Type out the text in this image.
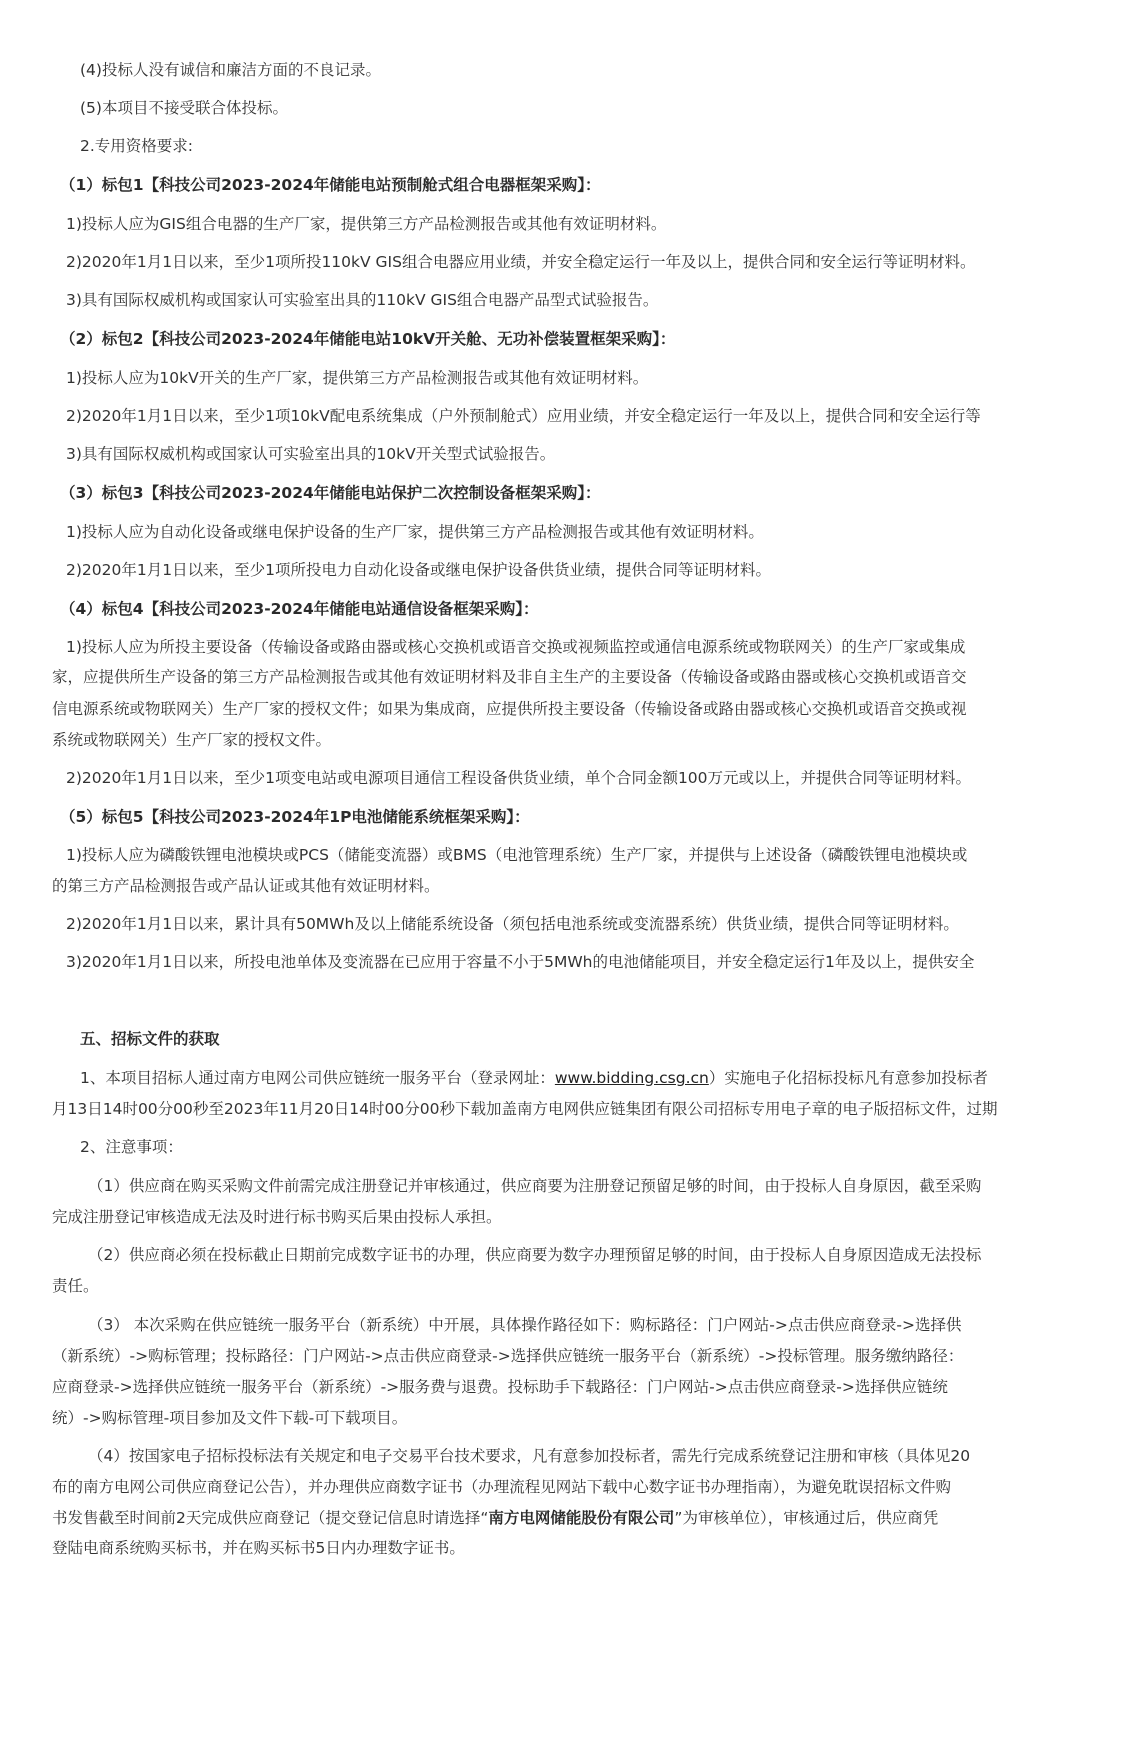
(4)投标人没有诚信和廉洁方面的不良记录。
(5)本项目不接受联合体投标。
2.专用资格要求:
（1）标包1【科技公司2023-2024年储能电站预制舱式组合电器框架采购】：
1)投标人应为GIS组合电器的生产厂家，提供第三方产品检测报告或其他有效证明材料。
2)2020年1月1日以来，至少1项所投110kV GIS组合电器应用业绩，并安全稳定运行一年及以上，提供合同和安全运行等证明材料。
3)具有国际权威机构或国家认可实验室出具的110kV GIS组合电器产品型式试验报告。
（2）标包2【科技公司2023-2024年储能电站10kV开关舱、无功补偿装置框架采购】：
1)投标人应为10kV开关的生产厂家，提供第三方产品检测报告或其他有效证明材料。
2)2020年1月1日以来，至少1项10kV配电系统集成（户外预制舱式）应用业绩，并安全稳定运行一年及以上，提供合同和安全运行等
3)具有国际权威机构或国家认可实验室出具的10kV开关型式试验报告。
（3）标包3【科技公司2023-2024年储能电站保护二次控制设备框架采购】：
1)投标人应为自动化设备或继电保护设备的生产厂家，提供第三方产品检测报告或其他有效证明材料。
2)2020年1月1日以来，至少1项所投电力自动化设备或继电保护设备供货业绩，提供合同等证明材料。
（4）标包4【科技公司2023-2024年储能电站通信设备框架采购】：
1)投标人应为所投主要设备（传输设备或路由器或核心交换机或语音交换或视频监控或通信电源系统或物联网关）的生产厂家或集成
家，应提供所生产设备的第三方产品检测报告或其他有效证明材料及非自主生产的主要设备（传输设备或路由器或核心交换机或语音交
信电源系统或物联网关）生产厂家的授权文件；如果为集成商，应提供所投主要设备（传输设备或路由器或核心交换机或语音交换或视
系统或物联网关）生产厂家的授权文件。
2)2020年1月1日以来，至少1项变电站或电源项目通信工程设备供货业绩，单个合同金额100万元或以上，并提供合同等证明材料。
（5）标包5【科技公司2023-2024年1P电池储能系统框架采购】：
1)投标人应为磷酸铁锂电池模块或PCS（储能变流器）或BMS（电池管理系统）生产厂家，并提供与上述设备（磷酸铁锂电池模块或
的第三方产品检测报告或产品认证或其他有效证明材料。
2)2020年1月1日以来，累计具有50MWh及以上储能系统设备（须包括电池系统或变流器系统）供货业绩，提供合同等证明材料。
3)2020年1月1日以来，所投电池单体及变流器在已应用于容量不小于5MWh的电池储能项目，并安全稳定运行1年及以上，提供安全
五、招标文件的获取
1、本项目招标人通过南方电网公司供应链统一服务平台（登录网址：www.bidding.csg.cn）实施电子化招标投标凡有意参加投标者
月13日14时00分00秒至2023年11月20日14时00分00秒下载加盖南方电网供应链集团有限公司招标专用电子章的电子版招标文件，过期
2、注意事项：
（1）供应商在购买采购文件前需完成注册登记并审核通过，供应商要为注册登记预留足够的时间，由于投标人自身原因，截至采购
完成注册登记审核造成无法及时进行标书购买后果由投标人承担。
（2）供应商必须在投标截止日期前完成数字证书的办理，供应商要为数字办理预留足够的时间，由于投标人自身原因造成无法投标
责任。
（3） 本次采购在供应链统一服务平台（新系统）中开展，具体操作路径如下：购标路径：门户网站->点击供应商登录->选择供
（新系统）->购标管理；投标路径：门户网站->点击供应商登录->选择供应链统一服务平台（新系统）->投标管理。服务缴纳路径：
应商登录->选择供应链统一服务平台（新系统）->服务费与退费。投标助手下载路径：门户网站->点击供应商登录->选择供应链统
统）->购标管理-项目参加及文件下载-可下载项目。
（4）按国家电子招标投标法有关规定和电子交易平台技术要求，凡有意参加投标者，需先行完成系统登记注册和审核（具体见20
布的南方电网公司供应商登记公告），并办理供应商数字证书（办理流程见网站下载中心数字证书办理指南），为避免耽误招标文件购
书发售截至时间前2天完成供应商登记（提交登记信息时请选择“南方电网储能股份有限公司”为审核单位），审核通过后，供应商凭
登陆电商系统购买标书，并在购买标书5日内办理数字证书。
